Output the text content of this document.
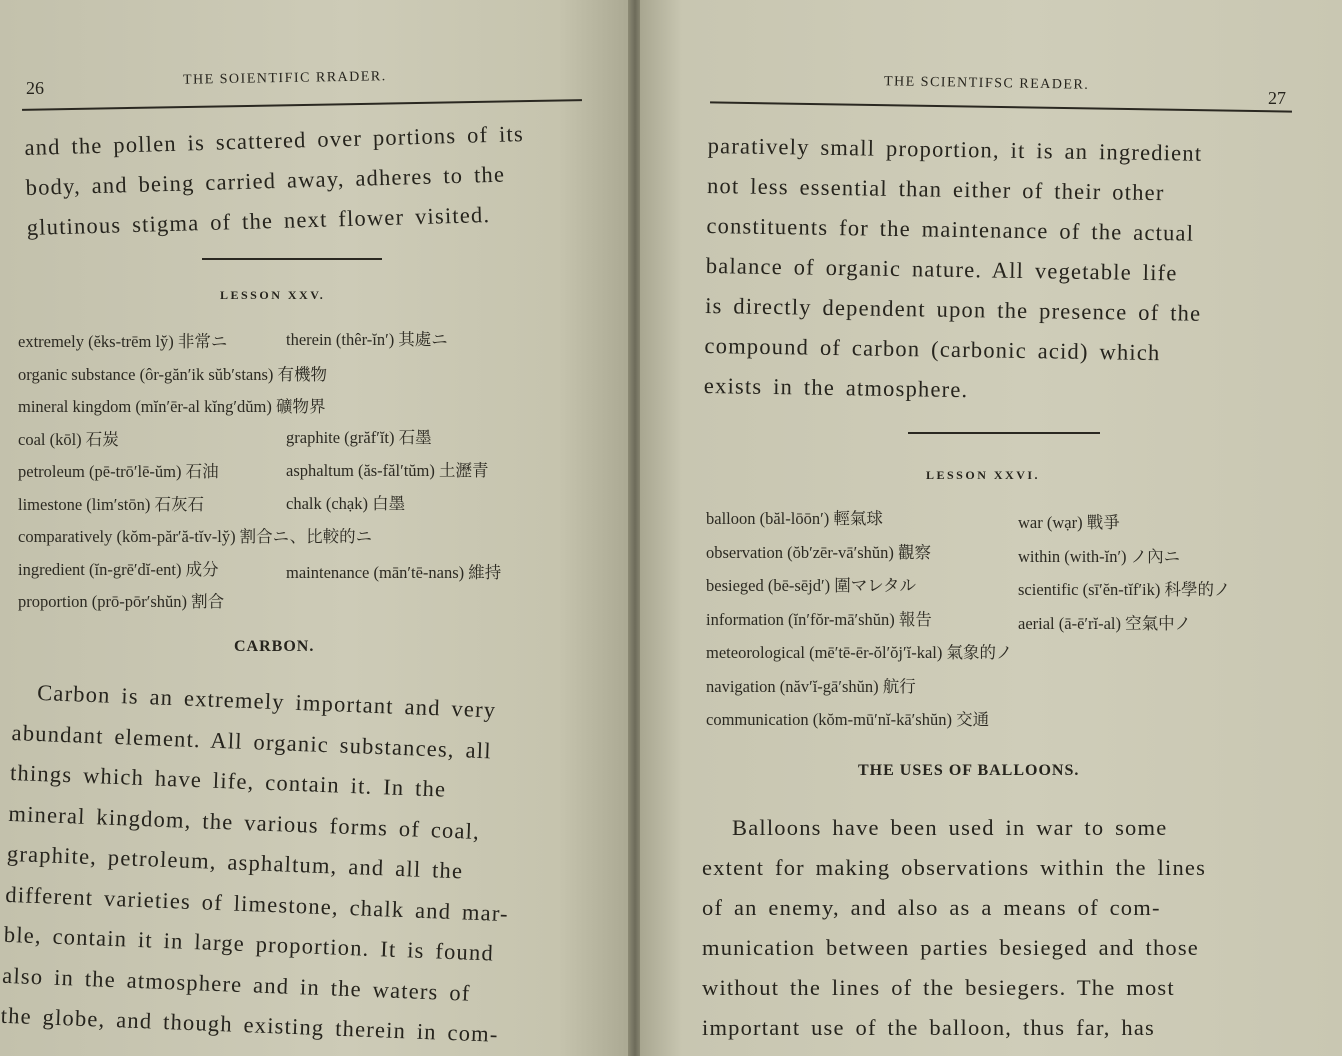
26	THE SOIENTIFIC RRADER.
and the pollen is scattered over portions of its
body, and being carried away, adheres to the
glutinous stigma of the next flower visited.
LESSON XXV.
extremely (ĕks-trēm ly̆) 非常ニ
organic substance (ôr-găn′ik sŭb′stans) 有機物
mineral kingdom (mĭn′ēr-al kĭng′dŭm) 礦物界
coal (kōl) 石炭
petroleum (pē-trō′lē-ŭm) 石油
limestone (lim′stōn) 石灰石
comparatively (kŏm-păr′ă-tĭv-ly̆) 割合ニ、比較的ニ
ingredient (ĭn-grē′dĭ-ent) 成分
proportion (prō-pōr′shŭn) 割合
therein (thêr-ĭn′) 其處ニ
graphite (grăf′ĭt) 石墨
asphaltum (ăs-făl′tŭm) 土瀝青
chalk (chạk) 白墨
maintenance (mān′tē-nans) 維持
CARBON.
Carbon is an extremely important and very
abundant element. All organic substances, all
things which have life, contain it. In the
mineral kingdom, the various forms of coal,
graphite, petroleum, asphaltum, and all the
different varieties of limestone, chalk and mar-
ble, contain it in large proportion. It is found
also in the atmosphere and in the waters of
the globe, and though existing therein in com-
THE SCIENTIFSC READER.
27
paratively small proportion, it is an ingredient
not less essential than either of their other
constituents for the maintenance of the actual
balance of organic nature. All vegetable life
is directly dependent upon the presence of the
compound of carbon (carbonic acid) which
exists in the atmosphere.
LESSON XXVI.
balloon (băl-lōōn′) 輕氣球
observation (ŏb′zēr-vā′shŭn) 觀察
besieged (bē-sējd′) 圍マレタル
information (ĭn′fŏr-mā′shŭn) 報告
meteorological (mē′tē-ēr-ŏl′ŏj′ĭ-kal) 氣象的ノ
navigation (năv′ĭ-gā′shŭn) 航行
communication (kŏm-mū′nĭ-kā′shŭn) 交通
war (wạr) 戰爭
within (with-ĭn′) ノ內ニ
scientific (sī′ĕn-tĭf′ik) 科學的ノ
aerial (ā-ē′rĭ-al) 空氣中ノ
THE USES OF BALLOONS.
Balloons have been used in war to some
extent for making observations within the lines
of an enemy, and also as a means of com-
munication between parties besieged and those
without the lines of the besiegers. The most
important use of the balloon, thus far, has
